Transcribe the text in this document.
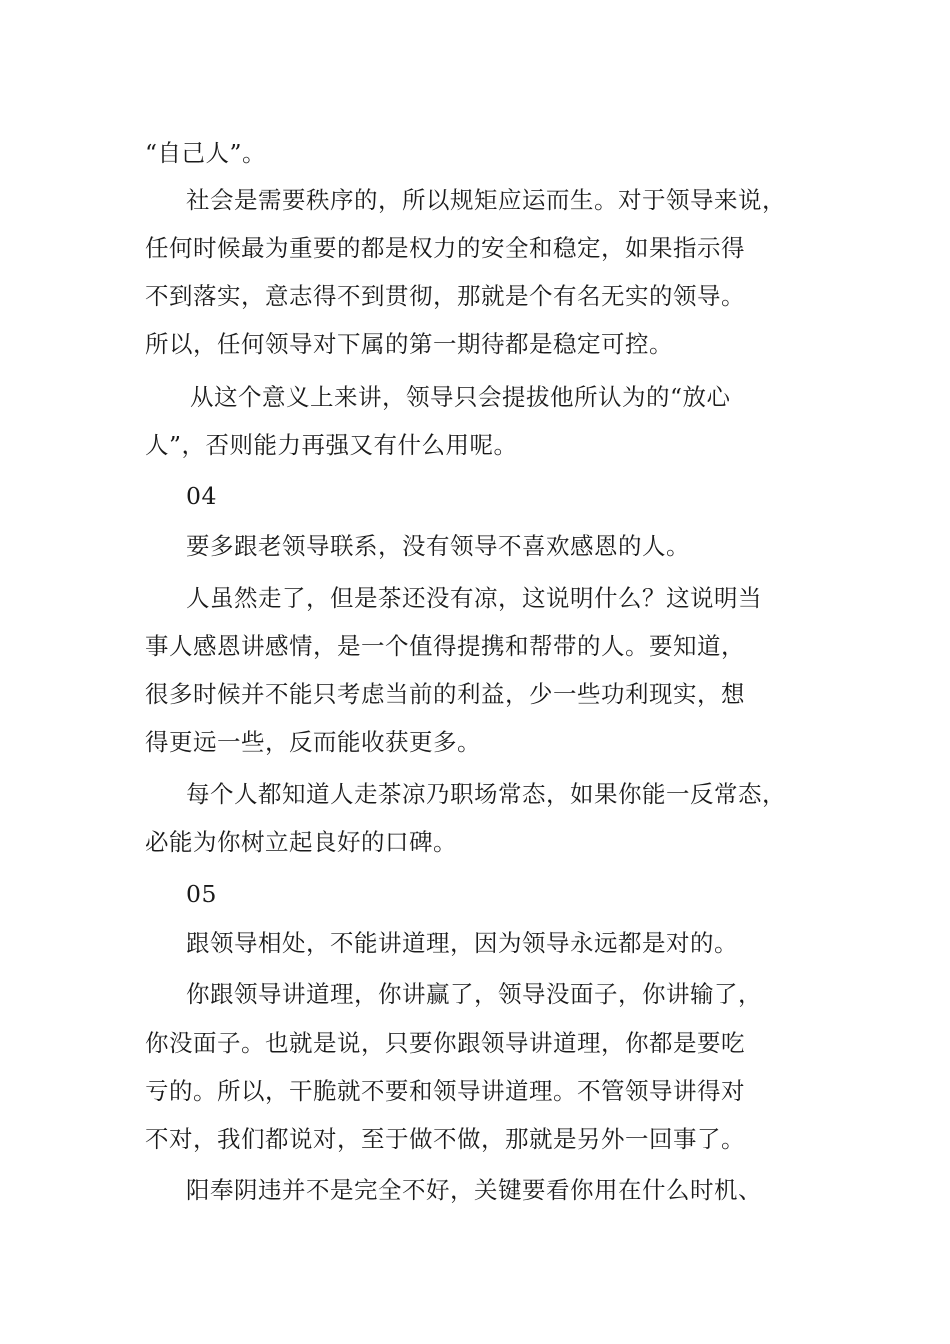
“自己人”。
社会是需要秩序的，所以规矩应运而生。对于领导来说，
任何时候最为重要的都是权力的安全和稳定，如果指示得
不到落实，意志得不到贯彻，那就是个有名无实的领导。
所以，任何领导对下属的第一期待都是稳定可控。
从这个意义上来讲，领导只会提拔他所认为的“放心
人”，否则能力再强又有什么用呢。
04
要多跟老领导联系，没有领导不喜欢感恩的人。
人虽然走了，但是茶还没有凉，这说明什么？这说明当
事人感恩讲感情，是一个值得提携和帮带的人。要知道，
很多时候并不能只考虑当前的利益，少一些功利现实，想
得更远一些，反而能收获更多。
每个人都知道人走茶凉乃职场常态，如果你能一反常态，
必能为你树立起良好的口碑。
05
跟领导相处，不能讲道理，因为领导永远都是对的。
你跟领导讲道理，你讲赢了，领导没面子，你讲输了，
你没面子。也就是说，只要你跟领导讲道理，你都是要吃
亏的。所以，干脆就不要和领导讲道理。不管领导讲得对
不对，我们都说对，至于做不做，那就是另外一回事了。
阳奉阴违并不是完全不好，关键要看你用在什么时机、
